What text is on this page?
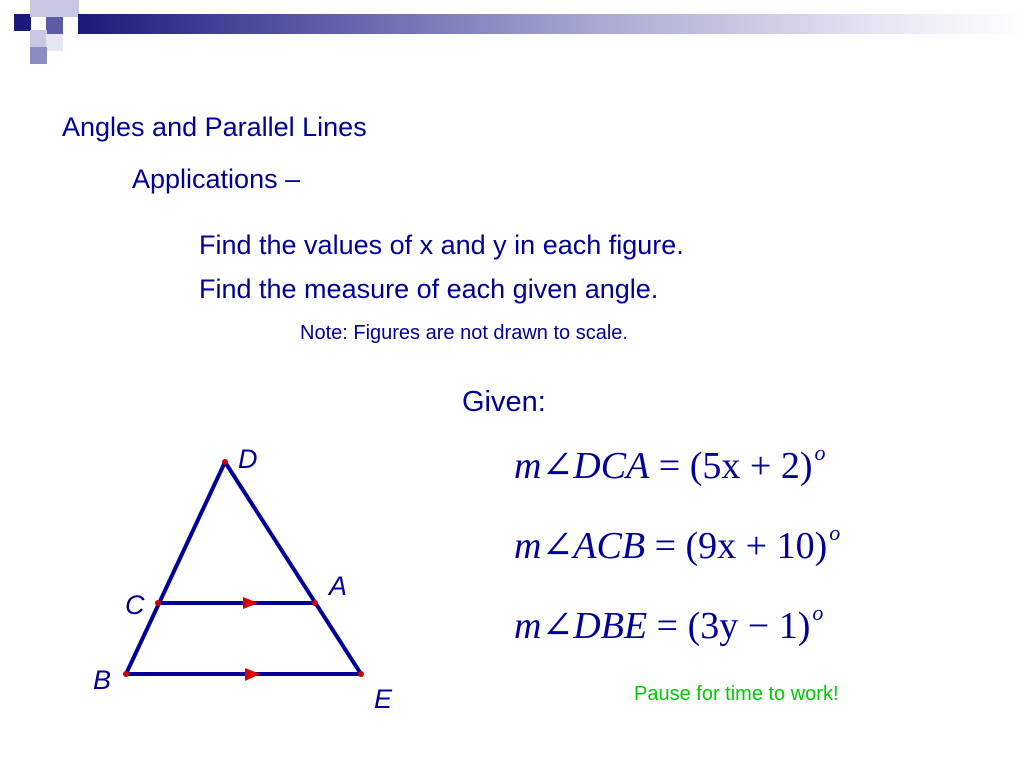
Angles and Parallel Lines
Applications –
Find the values of x and y in each figure.
Find the measure of each given angle.
Note: Figures are not drawn to scale.
Given:
m∠DCA = $(5x + 2)^o$
m∠ACB = $(9x + 10)^o$
m∠DBE = $(3y - 1)^o$
Pause for time to work!
D
A
C
B
E
